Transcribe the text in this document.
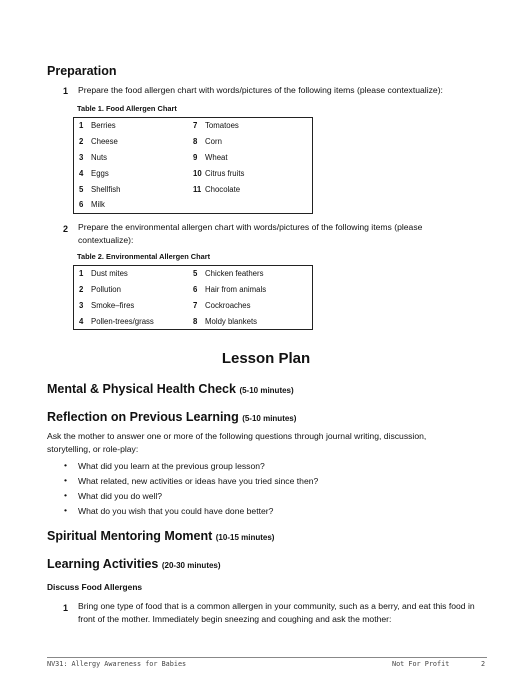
Preparation
1	Prepare the food allergen chart with words/pictures of the following items (please contextualize):
Table 1. Food Allergen Chart
1	Berries	7	Tomatoes
2	Cheese	8	Corn
3	Nuts	9	Wheat
4	Eggs	10	Citrus fruits
5	Shellfish	11	Chocolate
6	Milk		
2	Prepare the environmental allergen chart with words/pictures of the following items (please contextualize):
Table 2. Environmental Allergen Chart
1	Dust mites	5	Chicken feathers
2	Pollution	6	Hair from animals
3	Smoke–fires	7	Cockroaches
4	Pollen-trees/grass	8	Moldy blankets
Lesson Plan
Mental & Physical Health Check (5-10 minutes)
Reflection on Previous Learning (5-10 minutes)
Ask the mother to answer one or more of the following questions through journal writing, discussion, storytelling, or role-play:
• What did you learn at the previous group lesson?
• What related, new activities or ideas have you tried since then?
• What did you do well?
• What do you wish that you could have done better?
Spiritual Mentoring Moment (10-15 minutes)
Learning Activities (20-30 minutes)
Discuss Food Allergens
1	Bring one type of food that is a common allergen in your community, such as a berry, and eat this food in front of the mother. Immediately begin sneezing and coughing and ask the mother:
NV31: Allergy Awareness for Babies	Not For Profit	2
